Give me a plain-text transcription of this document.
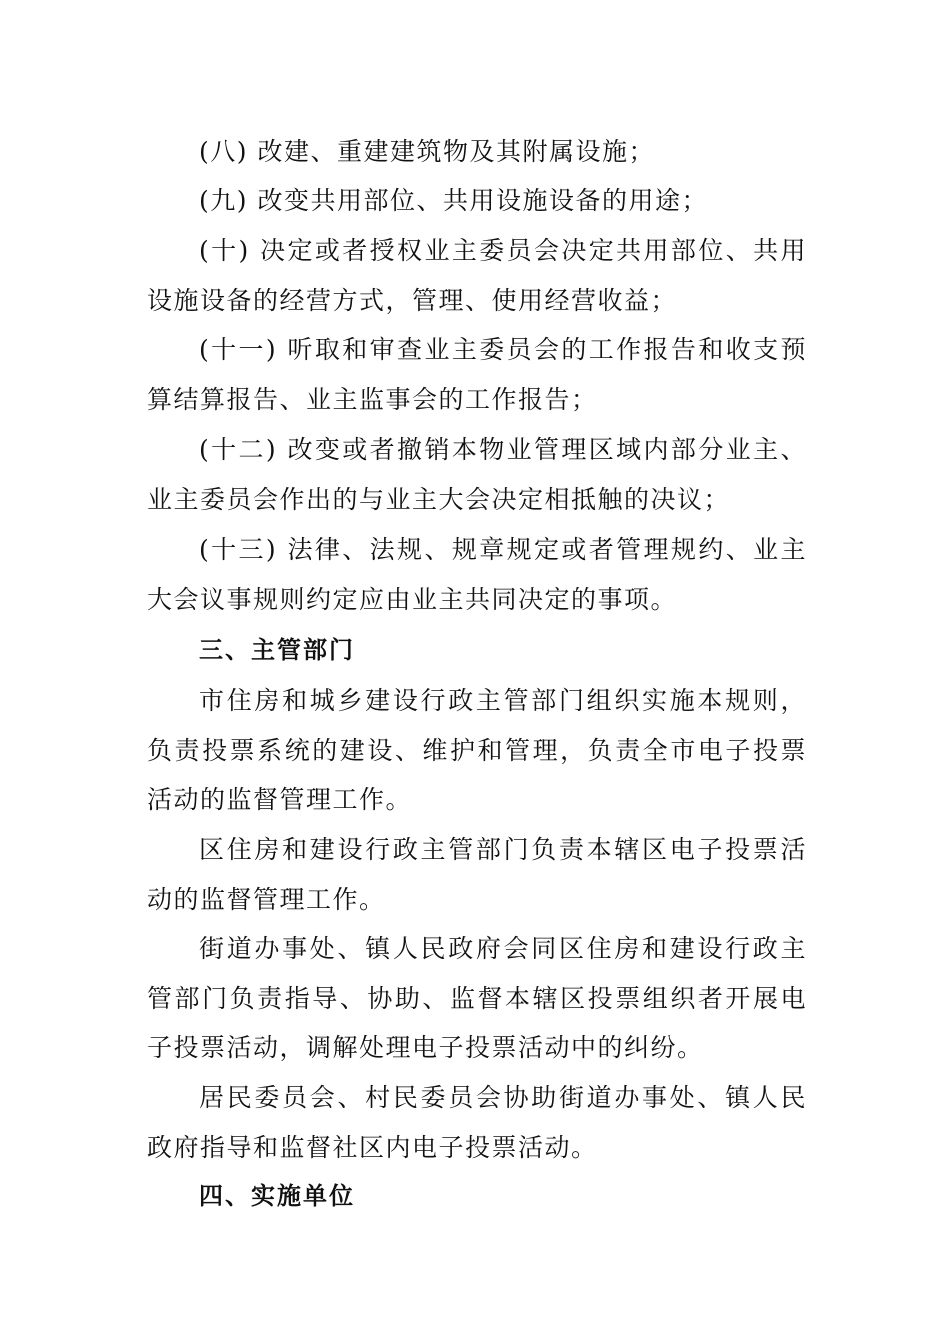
(八) 改建、重建建筑物及其附属设施；

(九) 改变共用部位、共用设施设备的用途；

(十) 决定或者授权业主委员会决定共用部位、共用设施设备的经营方式，管理、使用经营收益；

(十一) 听取和审查业主委员会的工作报告和收支预算结算报告、业主监事会的工作报告；

(十二) 改变或者撤销本物业管理区域内部分业主、业主委员会作出的与业主大会决定相抵触的决议；

(十三) 法律、法规、规章规定或者管理规约、业主大会议事规则约定应由业主共同决定的事项。

三、主管部门

市住房和城乡建设行政主管部门组织实施本规则，负责投票系统的建设、维护和管理，负责全市电子投票活动的监督管理工作。

区住房和建设行政主管部门负责本辖区电子投票活动的监督管理工作。

街道办事处、镇人民政府会同区住房和建设行政主管部门负责指导、协助、监督本辖区投票组织者开展电子投票活动，调解处理电子投票活动中的纠纷。

居民委员会、村民委员会协助街道办事处、镇人民政府指导和监督社区内电子投票活动。

四、实施单位
